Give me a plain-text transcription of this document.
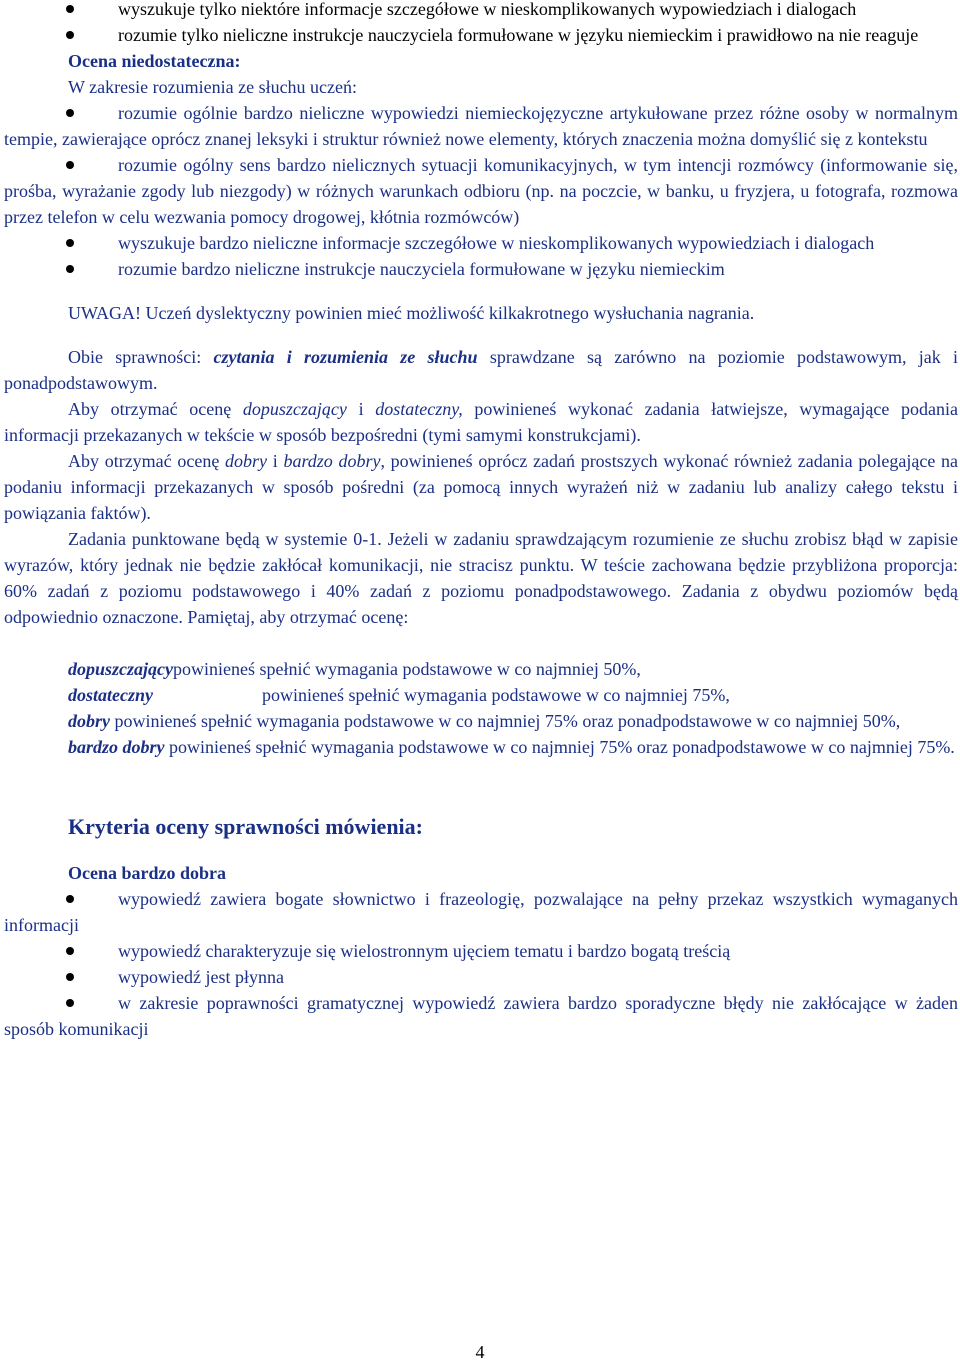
wyszukuje tylko niektóre informacje szczegółowe w nieskomplikowanych wypowiedziach i dialogach

rozumie tylko nieliczne instrukcje nauczyciela formułowane w języku niemieckim i prawidłowo na nie reaguje

Ocena niedostateczna:

W zakresie rozumienia ze słuchu uczeń:

rozumie ogólnie bardzo nieliczne wypowiedzi niemieckojęzyczne artykułowane przez różne osoby w normalnym tempie, zawierające oprócz znanej leksyki i struktur również nowe elementy, których znaczenia można domyślić się z kontekstu

rozumie ogólny sens bardzo nielicznych sytuacji komunikacyjnych, w tym intencji rozmówcy (informowanie się, prośba, wyrażanie zgody lub niezgody) w różnych warunkach odbioru (np. na poczcie, w banku, u fryzjera, u fotografa, rozmowa przez telefon w celu wezwania pomocy drogowej, kłótnia rozmówców)

wyszukuje bardzo nieliczne informacje szczegółowe w nieskomplikowanych wypowiedziach i dialogach

rozumie bardzo nieliczne instrukcje nauczyciela formułowane w języku niemieckim

UWAGA! Uczeń dyslektyczny powinien mieć możliwość kilkakrotnego wysłuchania nagrania.

Obie sprawności: czytania i rozumienia ze słuchu sprawdzane są zarówno na poziomie podstawowym, jak i ponadpodstawowym.

Aby otrzymać ocenę dopuszczający i dostateczny, powinieneś wykonać zadania łatwiejsze, wymagające podania informacji przekazanych w tekście w sposób bezpośredni (tymi samymi konstrukcjami).

Aby otrzymać ocenę dobry i bardzo dobry, powinieneś oprócz zadań prostszych wykonać również zadania polegające na podaniu informacji przekazanych w sposób pośredni (za pomocą innych wyrażeń niż w zadaniu lub analizy całego tekstu i powiązania faktów).

Zadania punktowane będą w systemie 0-1. Jeżeli w zadaniu sprawdzającym rozumienie ze słuchu zrobisz błąd w zapisie wyrazów, który jednak nie będzie zakłócał komunikacji, nie stracisz punktu. W teście zachowana będzie przybliżona proporcja: 60% zadań z poziomu podstawowego i 40% zadań z poziomu ponadpodstawowego. Zadania z obydwu poziomów będą odpowiednio oznaczone. Pamiętaj, aby otrzymać ocenę:

dopuszczającypowinieneś spełnić wymagania podstawowe w co najmniej 50%,

dostateczny	powinieneś spełnić wymagania podstawowe w co najmniej 75%,

dobry powinieneś spełnić wymagania podstawowe w co najmniej 75% oraz ponadpodstawowe w co najmniej 50%,

bardzo dobry powinieneś spełnić wymagania podstawowe w co najmniej 75% oraz ponadpodstawowe w co najmniej 75%.

Kryteria oceny sprawności mówienia:

Ocena bardzo dobra

wypowiedź zawiera bogate słownictwo i frazeologię, pozwalające na pełny przekaz wszystkich wymaganych informacji

wypowiedź charakteryzuje się wielostronnym ujęciem tematu i bardzo bogatą treścią

wypowiedź jest płynna

w zakresie poprawności gramatycznej wypowiedź zawiera bardzo sporadyczne błędy nie zakłócające w żaden sposób komunikacji

4
